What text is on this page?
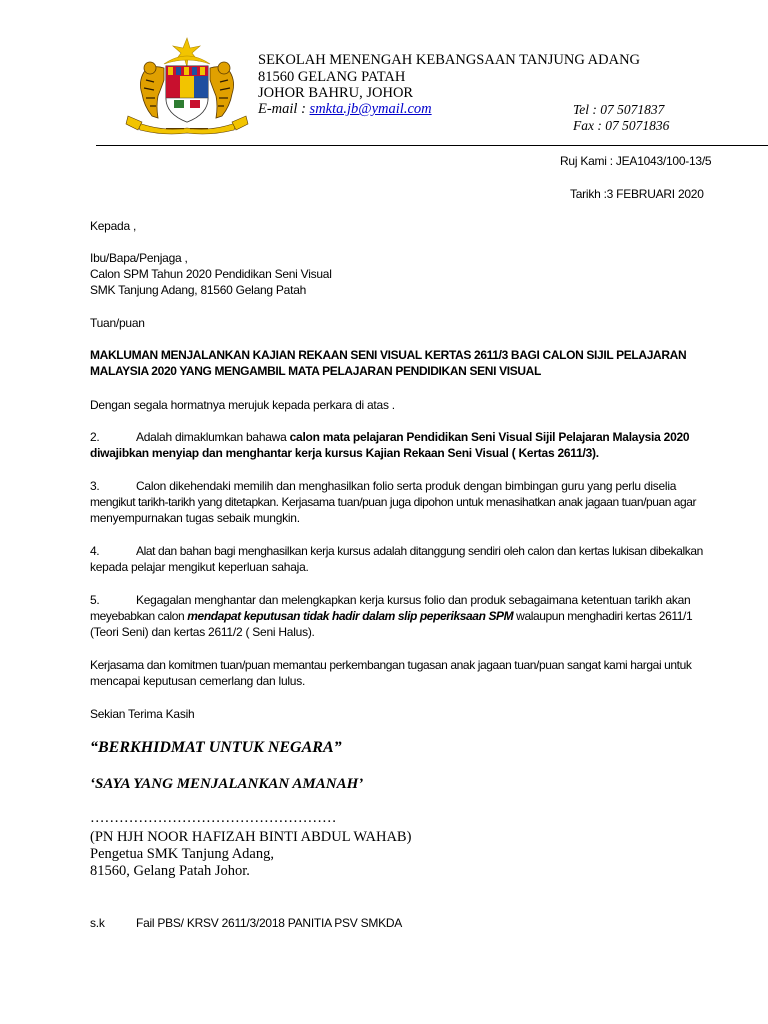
SEKOLAH MENENGAH KEBANGSAAN TANJUNG ADANG
81560 GELANG PATAH
JOHOR BAHRU, JOHOR
E-mail : smkta.jb@ymail.com	Tel : 07 5071837
Fax : 07 5071836
Ruj Kami : JEA1043/100-13/5
Tarikh :3 FEBRUARI 2020
Kepada ,
Ibu/Bapa/Penjaga ,
Calon SPM Tahun 2020 Pendidikan Seni Visual
SMK Tanjung Adang, 81560 Gelang Patah
Tuan/puan
MAKLUMAN MENJALANKAN KAJIAN REKAAN SENI VISUAL KERTAS 2611/3 BAGI CALON SIJIL PELAJARAN
MALAYSIA 2020 YANG MENGAMBIL MATA PELAJARAN PENDIDIKAN SENI VISUAL
Dengan segala hormatnya merujuk kepada perkara di atas .
2.	Adalah dimaklumkan bahawa calon mata pelajaran Pendidikan Seni Visual Sijil Pelajaran Malaysia 2020
diwajibkan menyiap dan menghantar kerja kursus Kajian Rekaan Seni Visual ( Kertas 2611/3).
3.	Calon dikehendaki memilih dan menghasilkan folio serta produk dengan bimbingan guru yang perlu diselia
mengikut tarikh-tarikh yang ditetapkan. Kerjasama tuan/puan juga dipohon untuk menasihatkan anak jagaan tuan/puan agar
menyempurnakan tugas sebaik mungkin.
4.	Alat dan bahan bagi menghasilkan kerja kursus adalah ditanggung sendiri oleh calon dan kertas lukisan dibekalkan
kepada pelajar mengikut keperluan sahaja.
5.	Kegagalan menghantar dan melengkapkan kerja kursus folio dan produk sebagaimana ketentuan tarikh akan
meyebabkan calon mendapat keputusan tidak hadir dalam slip peperiksaan SPM walaupun menghadiri kertas 2611/1
(Teori Seni) dan kertas 2611/2 ( Seni Halus).
Kerjasama dan komitmen tuan/puan memantau perkembangan tugasan anak jagaan tuan/puan sangat kami hargai untuk
mencapai keputusan cemerlang dan lulus.
Sekian Terima Kasih
“BERKHIDMAT UNTUK NEGARA”
‘SAYA YANG MENJALANKAN AMANAH’
……………………………………………
(PN HJH NOOR HAFIZAH BINTI ABDUL WAHAB)
Pengetua SMK Tanjung Adang,
81560, Gelang Patah Johor.
s.k	Fail PBS/ KRSV 2611/3/2018 PANITIA PSV SMKDA
